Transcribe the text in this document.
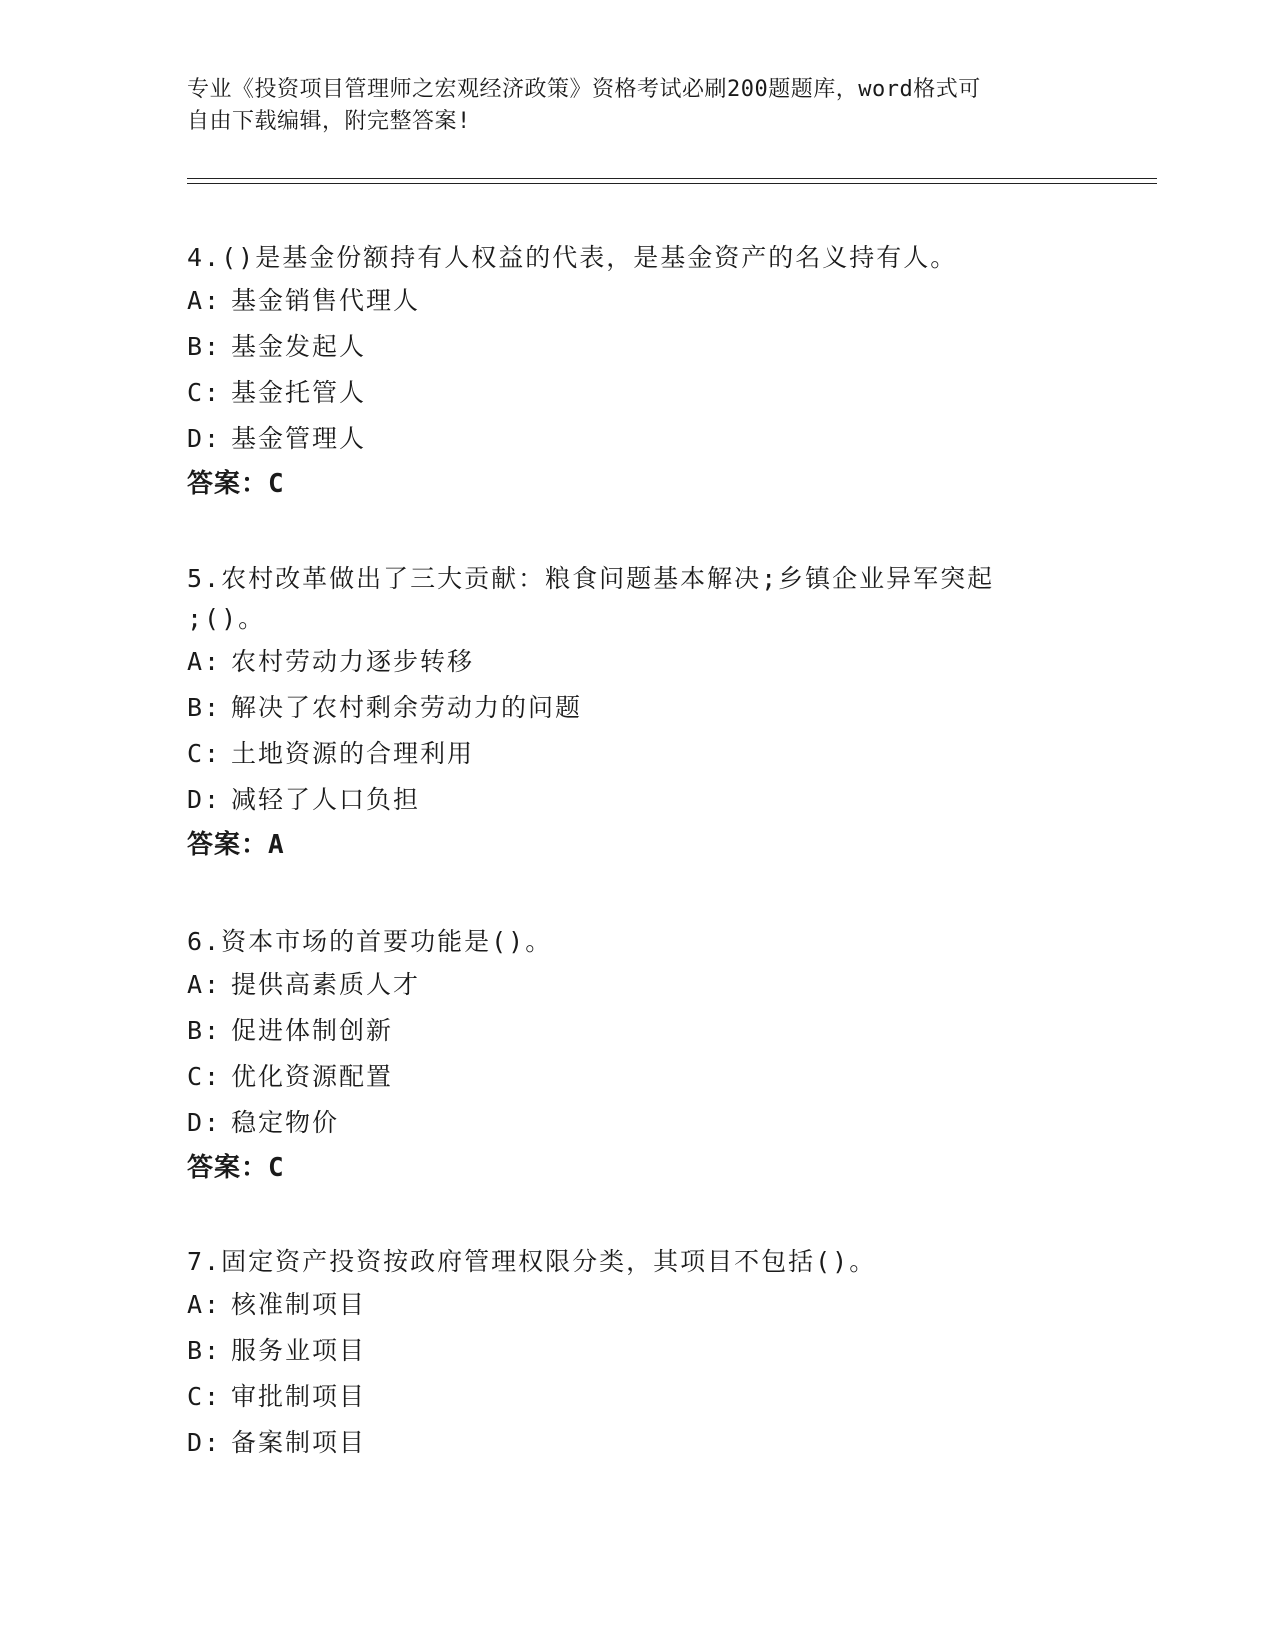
专业《投资项目管理师之宏观经济政策》资格考试必刷200题题库，word格式可
自由下载编辑，附完整答案!
4.()是基金份额持有人权益的代表，是基金资产的名义持有人。
A: 基金销售代理人
B: 基金发起人
C: 基金托管人
D: 基金管理人
答案：C
5.农村改革做出了三大贡献：粮食问题基本解决;乡镇企业异军突起
;()。
A: 农村劳动力逐步转移
B: 解决了农村剩余劳动力的问题
C: 土地资源的合理利用
D: 减轻了人口负担
答案：A
6.资本市场的首要功能是()。
A: 提供高素质人才
B: 促进体制创新
C: 优化资源配置
D: 稳定物价
答案：C
7.固定资产投资按政府管理权限分类，其项目不包括()。
A: 核准制项目
B: 服务业项目
C: 审批制项目
D: 备案制项目
